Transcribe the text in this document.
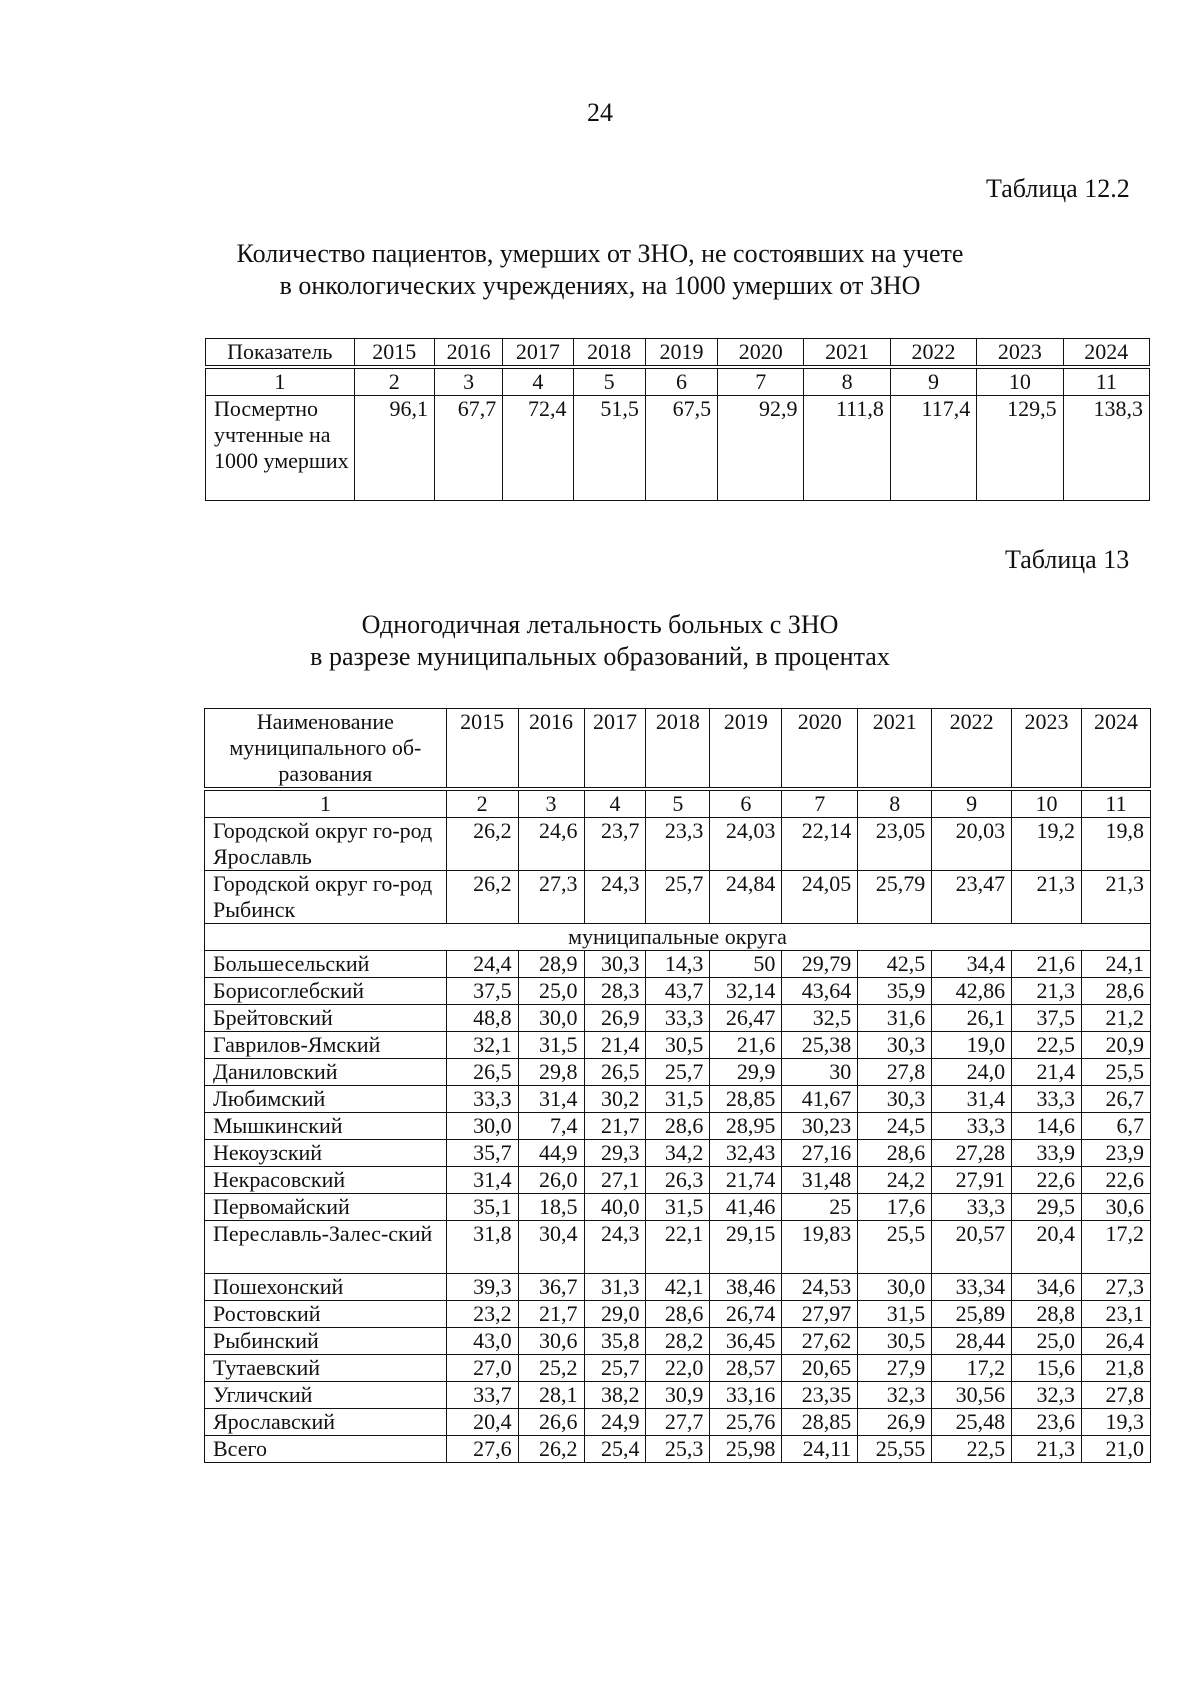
24
Таблица 12.2
Количество пациентов, умерших от ЗНО, не состоявших на учете
в онкологических учреждениях, на 1000 умерших от ЗНО
Показатель	2015	2016	2017	2018	2019	2020	2021	2022	2023	2024
1	2	3	4	5	6	7	8	9	10	11
Посмертно учтенные на 1000 умерших	96,1	67,7	72,4	51,5	67,5	92,9	111,8	117,4	129,5	138,3
Таблица 13
Одногодичная летальность больных с ЗНО
в разрезе муниципальных образований, в процентах
Наименование муниципального об-разования	2015	2016	2017	2018	2019	2020	2021	2022	2023	2024
1	2	3	4	5	6	7	8	9	10	11
Городской округ го-род Ярославль	26,2	24,6	23,7	23,3	24,03	22,14	23,05	20,03	19,2	19,8
Городской округ го-род Рыбинск	26,2	27,3	24,3	25,7	24,84	24,05	25,79	23,47	21,3	21,3
муниципальные округа										
Большесельский	24,4	28,9	30,3	14,3	50	29,79	42,5	34,4	21,6	24,1
Борисоглебский	37,5	25,0	28,3	43,7	32,14	43,64	35,9	42,86	21,3	28,6
Брейтовский	48,8	30,0	26,9	33,3	26,47	32,5	31,6	26,1	37,5	21,2
Гаврилов-Ямский	32,1	31,5	21,4	30,5	21,6	25,38	30,3	19,0	22,5	20,9
Даниловский	26,5	29,8	26,5	25,7	29,9	30	27,8	24,0	21,4	25,5
Любимский	33,3	31,4	30,2	31,5	28,85	41,67	30,3	31,4	33,3	26,7
Мышкинский	30,0	7,4	21,7	28,6	28,95	30,23	24,5	33,3	14,6	6,7
Некоузский	35,7	44,9	29,3	34,2	32,43	27,16	28,6	27,28	33,9	23,9
Некрасовский	31,4	26,0	27,1	26,3	21,74	31,48	24,2	27,91	22,6	22,6
Первомайский	35,1	18,5	40,0	31,5	41,46	25	17,6	33,3	29,5	30,6
Переславль-Залес-ский	31,8	30,4	24,3	22,1	29,15	19,83	25,5	20,57	20,4	17,2
Пошехонский	39,3	36,7	31,3	42,1	38,46	24,53	30,0	33,34	34,6	27,3
Ростовский	23,2	21,7	29,0	28,6	26,74	27,97	31,5	25,89	28,8	23,1
Рыбинский	43,0	30,6	35,8	28,2	36,45	27,62	30,5	28,44	25,0	26,4
Тутаевский	27,0	25,2	25,7	22,0	28,57	20,65	27,9	17,2	15,6	21,8
Угличский	33,7	28,1	38,2	30,9	33,16	23,35	32,3	30,56	32,3	27,8
Ярославский	20,4	26,6	24,9	27,7	25,76	28,85	26,9	25,48	23,6	19,3
Всего	27,6	26,2	25,4	25,3	25,98	24,11	25,55	22,5	21,3	21,0
